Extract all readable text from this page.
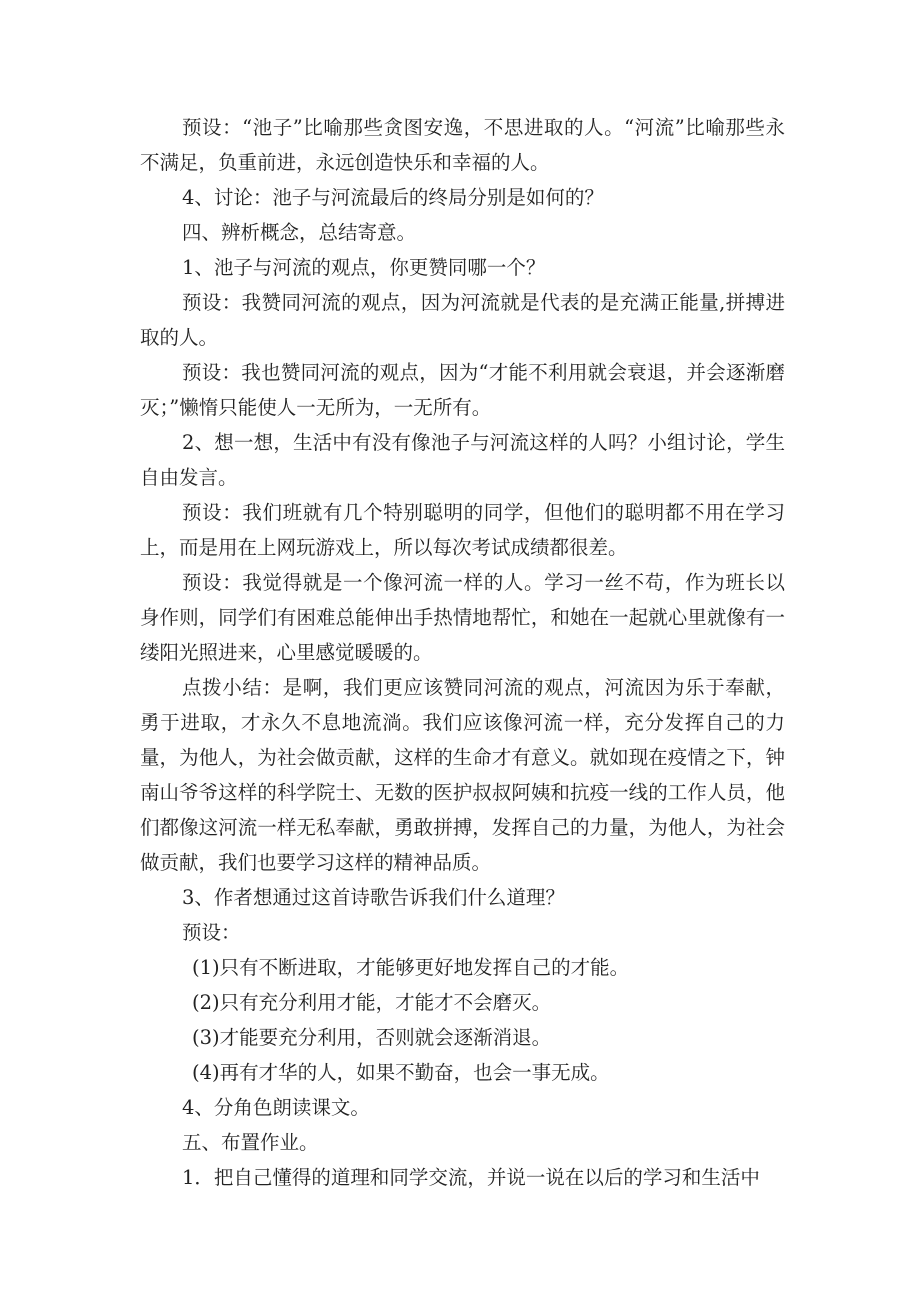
预设：“池子”比喻那些贪图安逸，不思进取的人。“河流”比喻那些永不满足，负重前进，永远创造快乐和幸福的人。

4、讨论：池子与河流最后的终局分别是如何的？

四、辨析概念，总结寄意。

1、池子与河流的观点，你更赞同哪一个？

预设：我赞同河流的观点，因为河流就是代表的是充满正能量,拼搏进取的人。

预设：我也赞同河流的观点，因为“才能不利用就会衰退，并会逐渐磨灭；”懒惰只能使人一无所为，一无所有。

2、想一想，生活中有没有像池子与河流这样的人吗？小组讨论，学生自由发言。

预设：我们班就有几个特别聪明的同学，但他们的聪明都不用在学习上，而是用在上网玩游戏上，所以每次考试成绩都很差。

预设：我觉得就是一个像河流一样的人。学习一丝不苟，作为班长以身作则，同学们有困难总能伸出手热情地帮忙，和她在一起就心里就像有一缕阳光照进来，心里感觉暖暖的。

点拨小结：是啊，我们更应该赞同河流的观点，河流因为乐于奉献，勇于进取，才永久不息地流淌。我们应该像河流一样，充分发挥自己的力量，为他人，为社会做贡献，这样的生命才有意义。就如现在疫情之下，钟南山爷爷这样的科学院士、无数的医护叔叔阿姨和抗疫一线的工作人员，他们都像这河流一样无私奉献，勇敢拼搏，发挥自己的力量，为他人，为社会做贡献，我们也要学习这样的精神品质。

3、作者想通过这首诗歌告诉我们什么道理？

预设：

(1)只有不断进取，才能够更好地发挥自己的才能。

(2)只有充分利用才能，才能才不会磨灭。

(3)才能要充分利用，否则就会逐渐消退。

(4)再有才华的人，如果不勤奋，也会一事无成。

4、分角色朗读课文。

五、布置作业。

1．把自己懂得的道理和同学交流，并说一说在以后的学习和生活中
